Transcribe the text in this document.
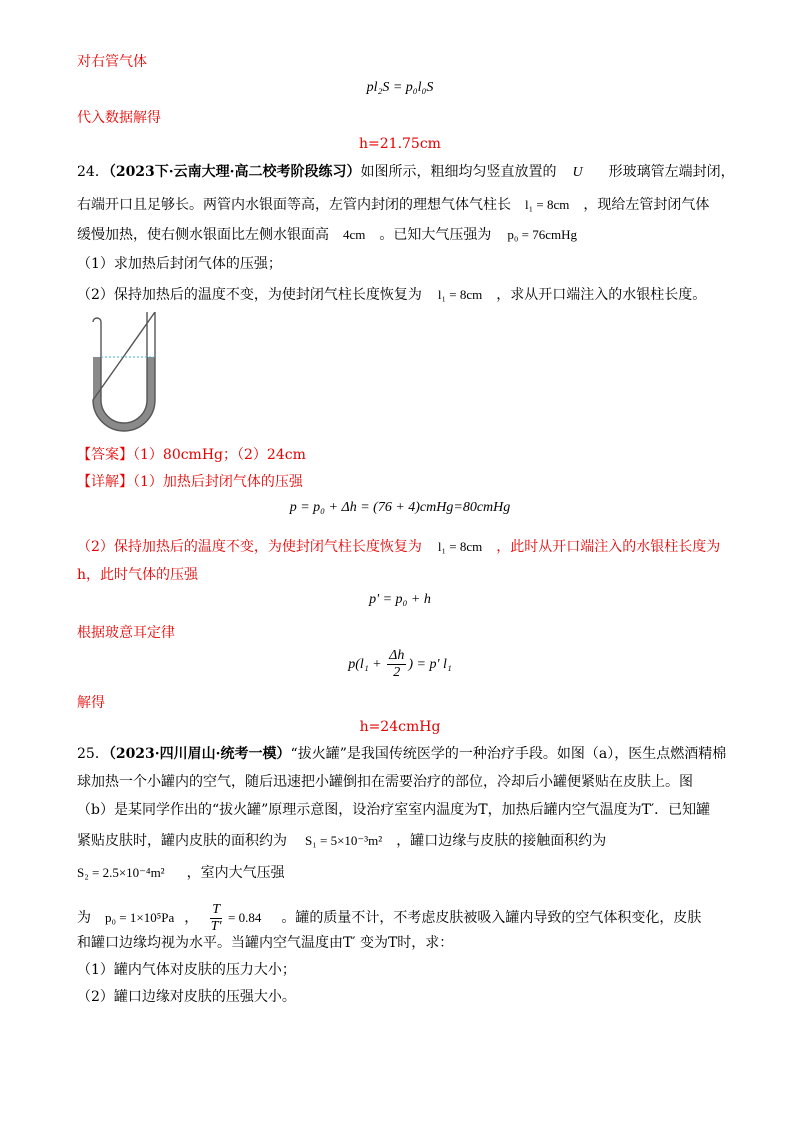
对右管气体
pl₂S = p₀l₀S
代入数据解得
h=21.75cm
24．（2023下·云南大理·高二校考阶段练习）如图所示，粗细均匀竖直放置的 U 形玻璃管左端封闭，
右端开口且足够长。两管内水银面等高，左管内封闭的理想气体气柱长 l₁ = 8cm ，现给左管封闭气体
缓慢加热，使右侧水银面比左侧水银面高 4cm 。已知大气压强为 p₀ = 76cmHg
（1）求加热后封闭气体的压强；
（2）保持加热后的温度不变，为使封闭气柱长度恢复为 l₁ = 8cm ，求从开口端注入的水银柱长度。
【答案】（1）80cmHg；（2）24cm
【详解】（1）加热后封闭气体的压强
p = p₀ + Δh = (76 + 4)cmHg=80cmHg
（2）保持加热后的温度不变，为使封闭气柱长度恢复为 l₁ = 8cm ，此时从开口端注入的水银柱长度为
h，此时气体的压强
p' = p₀ + h
根据玻意耳定律
$p(l_1 + \frac{\Delta h}{2}$ ) = p' l₁
解得
h=24cmHg
25．（2023·四川眉山·统考一模）“拔火罐”是我国传统医学的一种治疗手段。如图（a），医生点燃酒精棉
球加热一个小罐内的空气，随后迅速把小罐倒扣在需要治疗的部位，冷却后小罐便紧贴在皮肤上。图
（b）是某同学作出的“拔火罐”原理示意图，设治疗室室内温度为T，加热后罐内空气温度为T′．已知罐
紧贴皮肤时，罐内皮肤的面积约为 S₁ = 5×10⁻³m² ，罐口边缘与皮肤的接触面积约为
S₂ = 2.5×10⁻⁴m² ，室内大气压强
为 p₀ = 1×10⁵Pa ， $\frac{T}{T'} = 0.84$ 。罐的质量不计，不考虑皮肤被吸入罐内导致的空气体积变化，皮肤
和罐口边缘均视为水平。当罐内空气温度由T′ 变为T时，求：
（1）罐内气体对皮肤的压力大小；
（2）罐口边缘对皮肤的压强大小。
